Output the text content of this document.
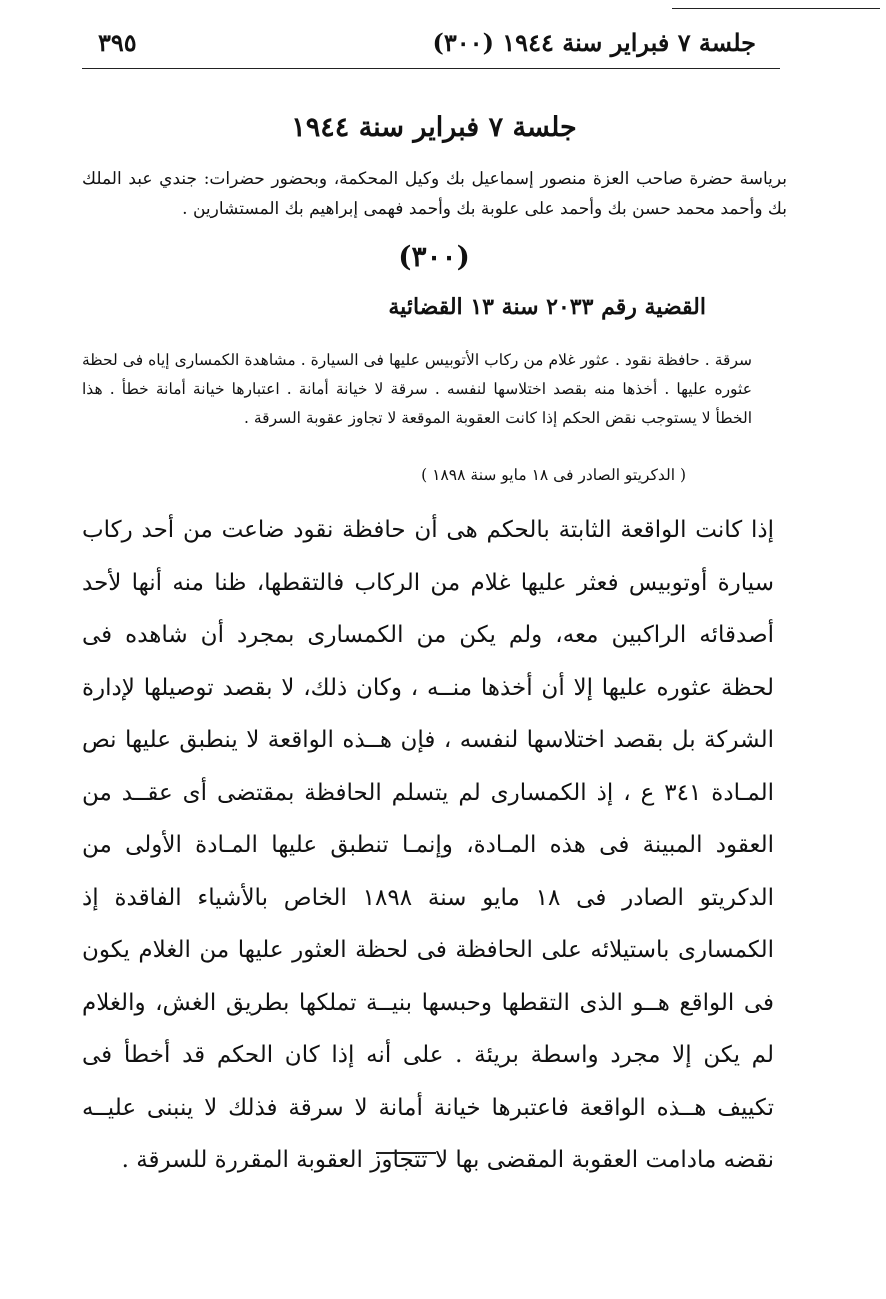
جلسة ٧ فبراير سنة ١٩٤٤ (٣٠٠)
٣٩٥
جلسة ٧ فبراير سنة ١٩٤٤
برياسة حضرة صاحب العزة منصور إسماعيل بك وكيل المحكمة، وبحضور حضرات: جندي عبد الملك بك وأحمد محمد حسن بك وأحمد على علوبة بك وأحمد فهمى إبراهيم بك المستشارين .
(٣٠٠)
القضية رقم ٢٠٣٣ سنة ١٣ القضائية
سرقة . حافظة نقود . عثور غلام من ركاب الأتوبيس عليها فى السيارة . مشاهدة الكمسارى إياه فى لحظة عثوره عليها . أخذها منه بقصد اختلاسها لنفسه . سرقة لا خيانة أمانة . اعتبارها خيانة أمانة خطأ . هذا الخطأ لا يستوجب نقض الحكم إذا كانت العقوبة الموقعة لا تجاوز عقوبة السرقة .
( الدكريتو الصادر فى ١٨ مايو سنة ١٨٩٨ )
إذا كانت الواقعة الثابتة بالحكم هى أن حافظة نقود ضاعت من أحد ركاب سيارة أوتوبيس فعثر عليها غلام من الركاب فالتقطها، ظنا منه أنها لأحد أصدقائه الراكبين معه، ولم يكن من الكمسارى بمجرد أن شاهده فى لحظة عثوره عليها إلا أن أخذها منــه ، وكان ذلك، لا بقصد توصيلها لإدارة الشركة بل بقصد اختلاسها لنفسه ، فإن هــذه الواقعة لا ينطبق عليها نص المـادة ٣٤١ ع ، إذ الكمسارى لم يتسلم الحافظة بمقتضى أى عقــد من العقود المبينة فى هذه المـادة، وإنمـا تنطبق عليها المـادة الأولى من الدكريتو الصادر فى ١٨ مايو سنة ١٨٩٨ الخاص بالأشياء الفاقدة إذ الكمسارى باستيلائه على الحافظة فى لحظة العثور عليها من الغلام يكون فى الواقع هــو الذى التقطها وحبسها بنيــة تملكها بطريق الغش، والغلام لم يكن إلا مجرد واسطة بريئة . على أنه إذا كان الحكم قد أخطأ فى تكييف هــذه الواقعة فاعتبرها خيانة أمانة لا سرقة فذلك لا ينبنى عليــه نقضه مادامت العقوبة المقضى بها لا تتجاوز العقوبة المقررة للسرقة .
